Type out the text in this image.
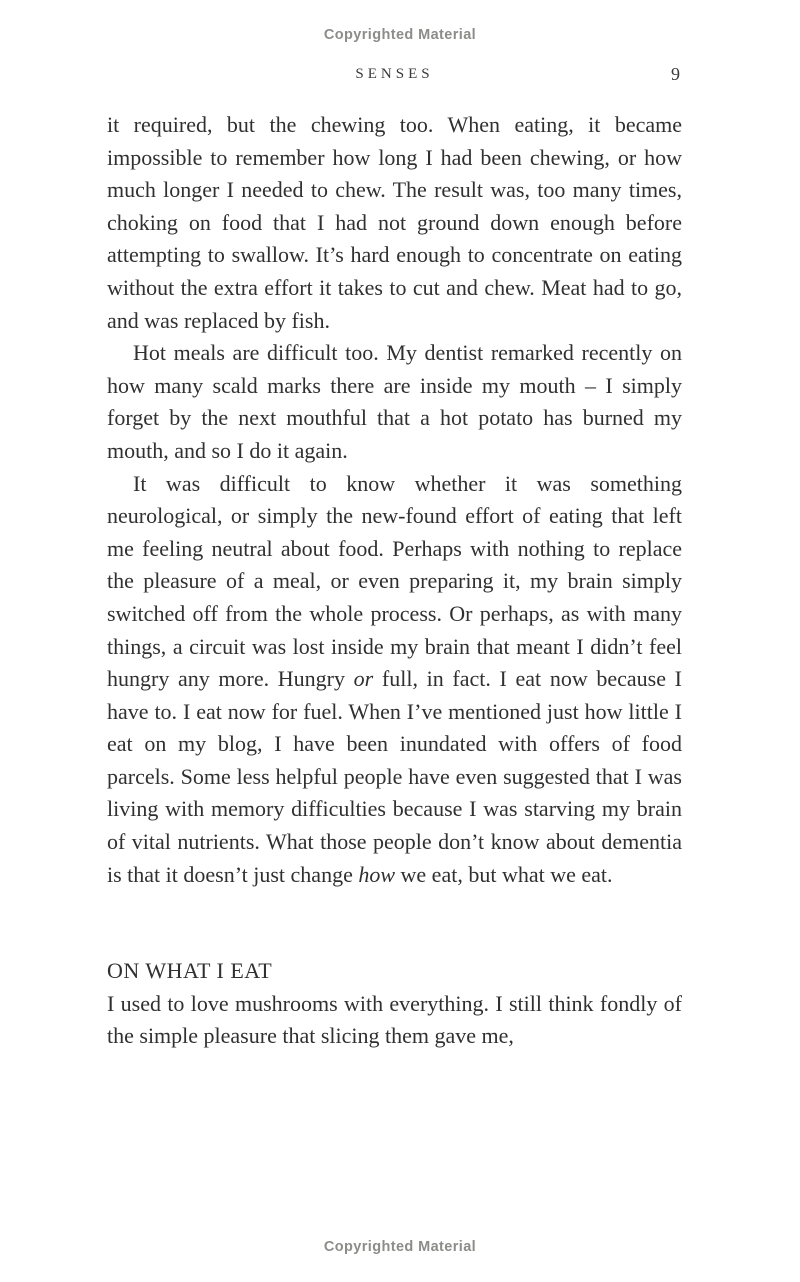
Copyrighted Material
SENSES	9

it required, but the chewing too. When eating, it became impossible to remember how long I had been chewing, or how much longer I needed to chew. The result was, too many times, choking on food that I had not ground down enough before attempting to swallow. It’s hard enough to concentrate on eating without the extra effort it takes to cut and chew. Meat had to go, and was replaced by fish.

Hot meals are difficult too. My dentist remarked recently on how many scald marks there are inside my mouth – I simply forget by the next mouthful that a hot potato has burned my mouth, and so I do it again.

It was difficult to know whether it was something neurological, or simply the new-found effort of eating that left me feeling neutral about food. Perhaps with nothing to replace the pleasure of a meal, or even preparing it, my brain simply switched off from the whole process. Or perhaps, as with many things, a circuit was lost inside my brain that meant I didn’t feel hungry any more. Hungry or full, in fact. I eat now because I have to. I eat now for fuel. When I’ve mentioned just how little I eat on my blog, I have been inundated with offers of food parcels. Some less helpful people have even suggested that I was living with memory difficulties because I was starving my brain of vital nutrients. What those people don’t know about dementia is that it doesn’t just change how we eat, but what we eat.

ON WHAT I EAT

I used to love mushrooms with everything. I still think fondly of the simple pleasure that slicing them gave me,

Copyrighted Material
